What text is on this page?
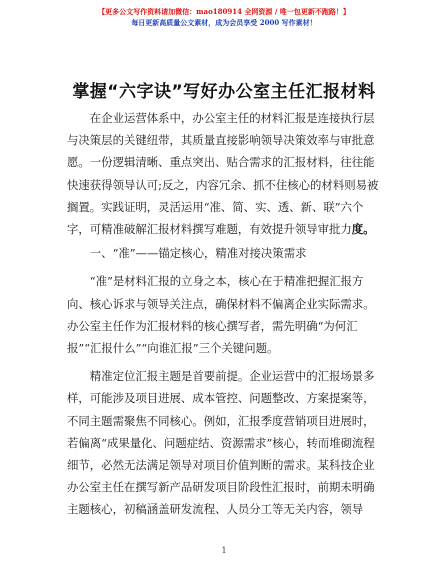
【更多公文写作资料请加微信：mao180914 全网资源 / 唯一包更新不跑路！】
每日更新高质量公文素材，成为会员享受 2000 写作素材！
掌握“六字诀”写好办公室主任汇报材料

在企业运营体系中，办公室主任的材料汇报是连接执行层与决策层的关键纽带，其质量直接影响领导决策效率与审批意愿。一份逻辑清晰、重点突出、贴合需求的汇报材料，往往能快速获得领导认可;反之，内容冗余、抓不住核心的材料则易被搁置。实践证明，灵活运用“准、简、实、透、新、联”六个字，可精准破解汇报材料撰写难题，有效提升领导审批力度。

一、“准”——锚定核心，精准对接决策需求

“准”是材料汇报的立身之本，核心在于精准把握汇报方向、核心诉求与领导关注点，确保材料不偏离企业实际需求。办公室主任作为汇报材料的核心撰写者，需先明确“为何汇报”“汇报什么”“向谁汇报”三个关键问题。

精准定位汇报主题是首要前提。企业运营中的汇报场景多样，可能涉及项目进展、成本管控、问题整改、方案提案等，不同主题需聚焦不同核心。例如，汇报季度营销项目进展时，若偏离“成果量化、问题症结、资源需求”核心，转而堆砌流程细节，必然无法满足领导对项目价值判断的需求。某科技企业办公室主任在撰写新产品研发项目阶段性汇报时，前期未明确主题核心，初稿涵盖研发流程、人员分工等无关内容，领导

1
